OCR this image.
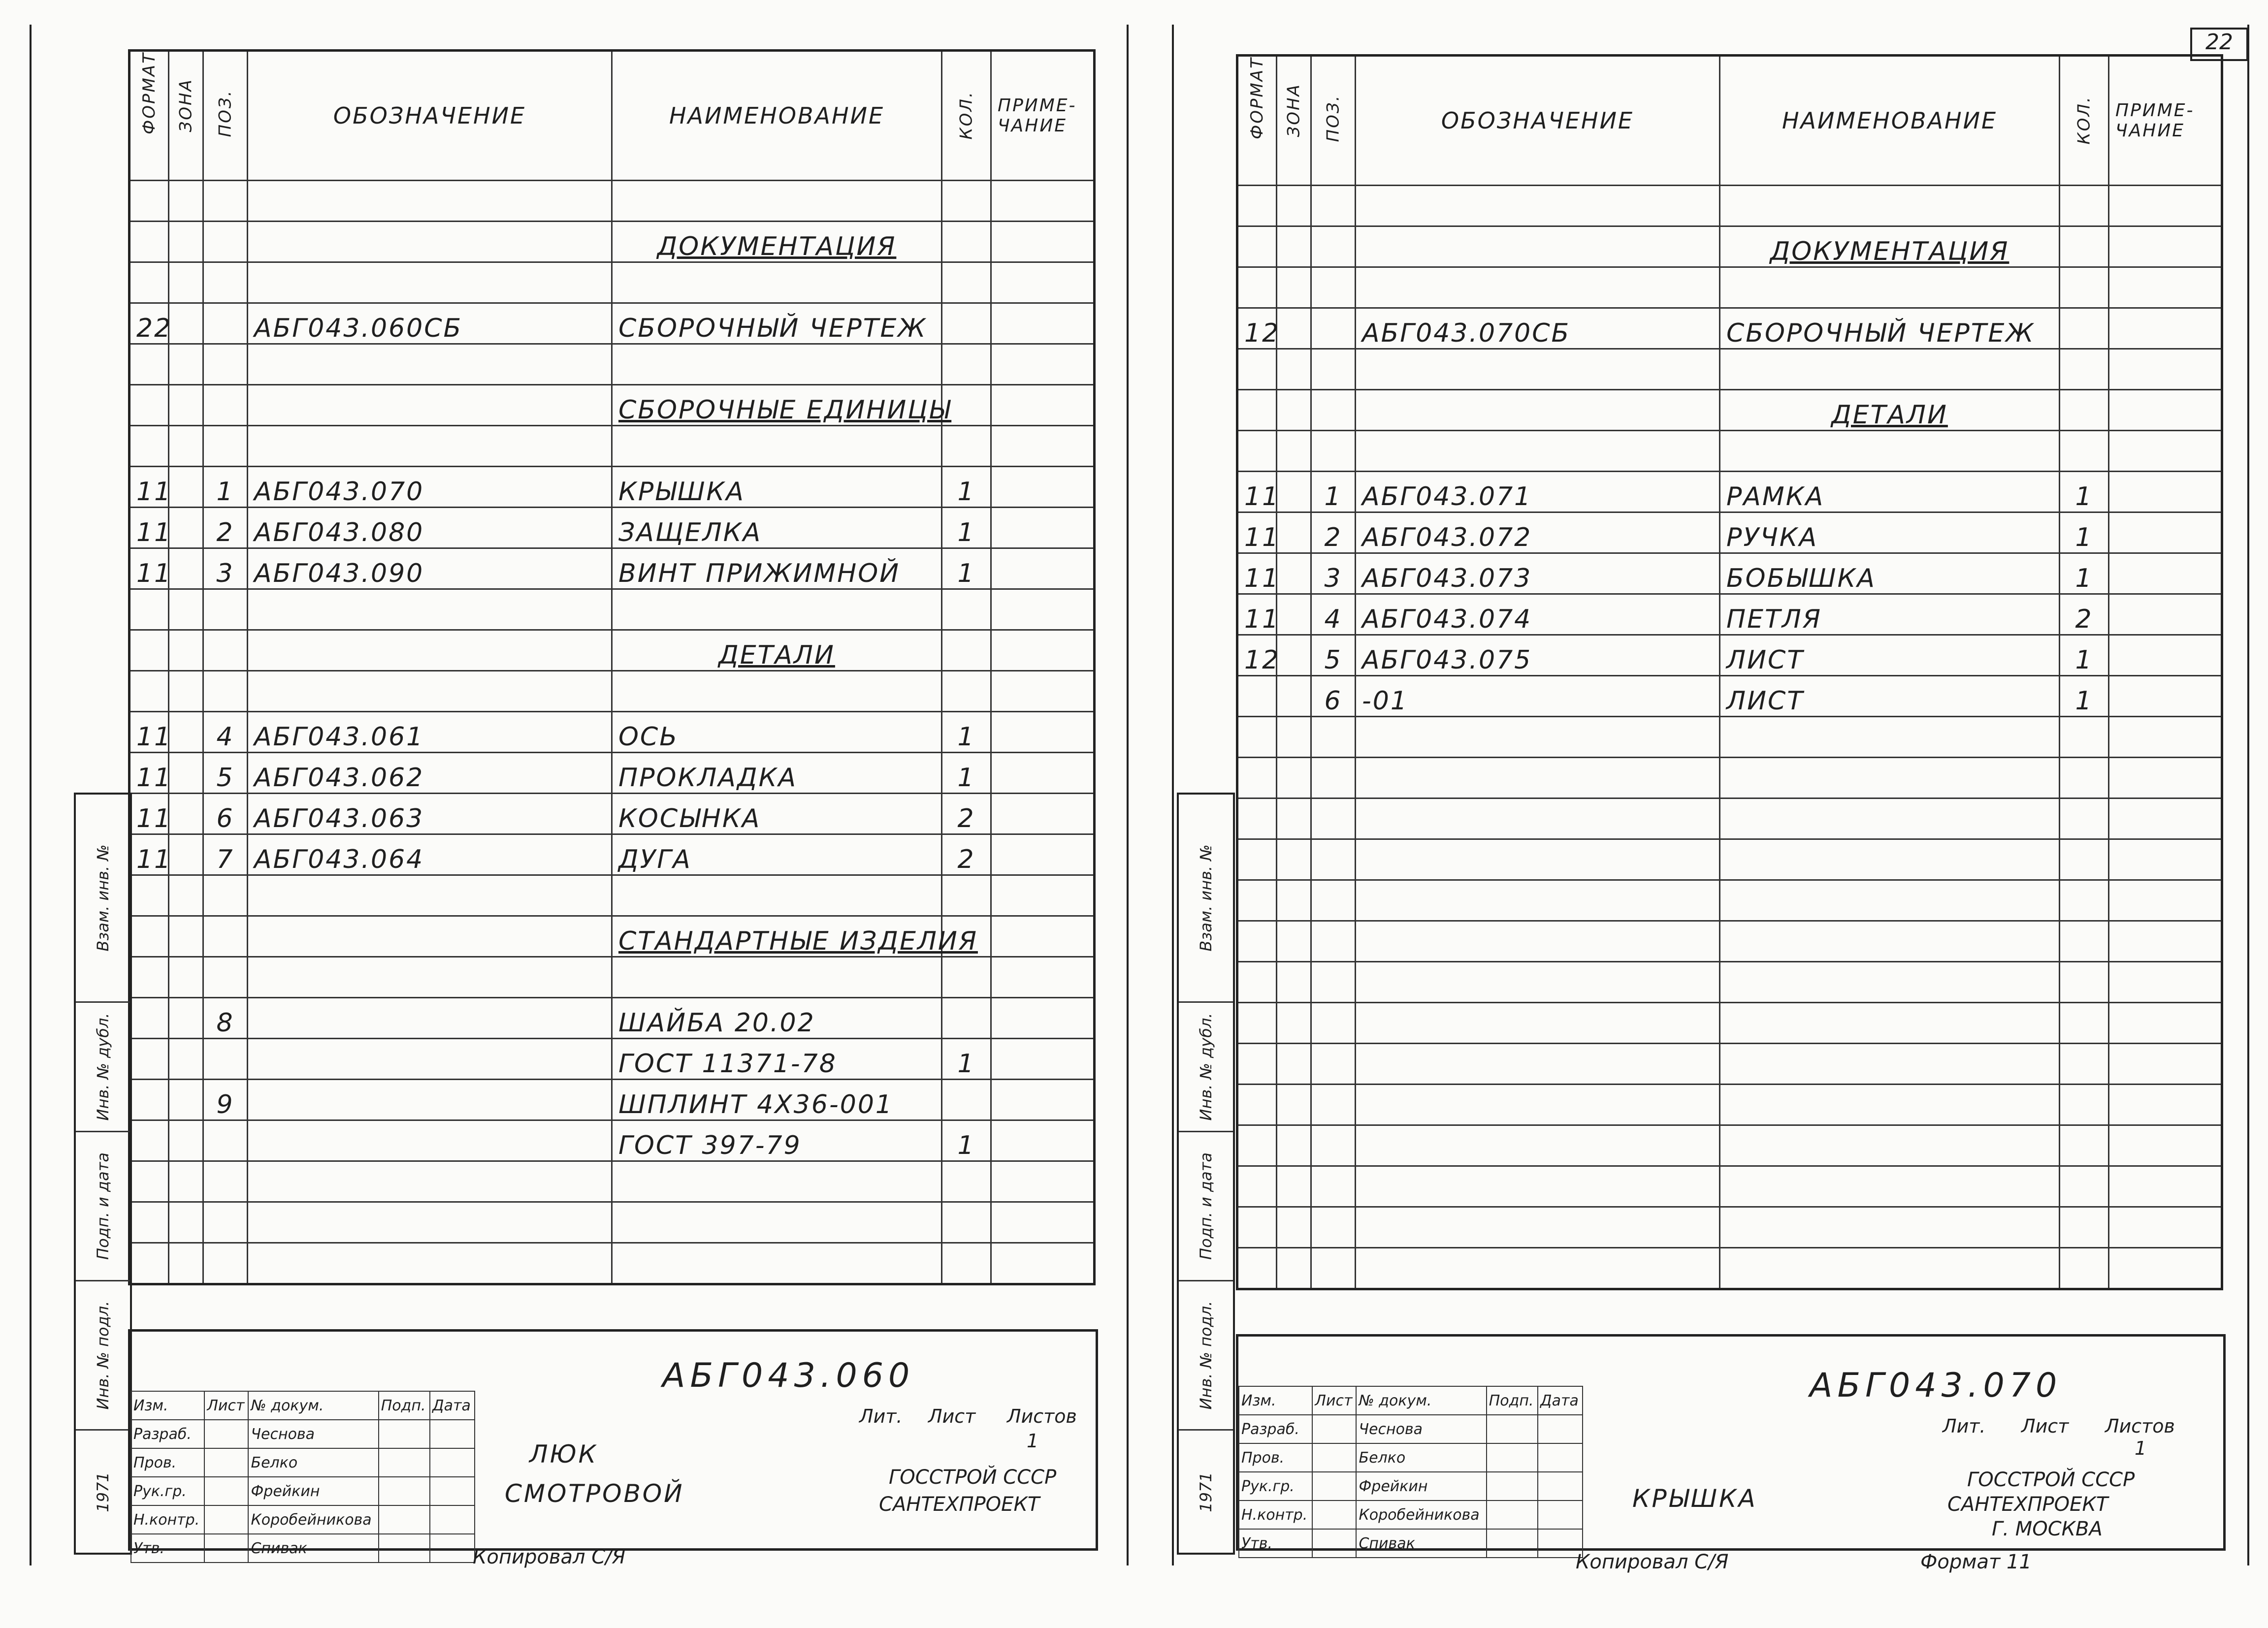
22
ФОРМАТ	ЗОНА	ПОЗ.	ОБОЗНАЧЕНИЕ	НАИМЕНОВАНИЕ	КОЛ.	ПРИМЕ-ЧАНИЕ

				ДОКУМЕНТАЦИЯ		

22			АБГ043.060СБ	СБОРОЧНЫЙ ЧЕРТЕЖ		

				СБОРОЧНЫЕ ЕДИНИЦЫ		

11		1	АБГ043.070	КРЫШКА	1	
11		2	АБГ043.080	ЗАЩЕЛКА	1	
11		3	АБГ043.090	ВИНТ ПРИЖИМНОЙ	1	

				ДЕТАЛИ		

11		4	АБГ043.061	ОСЬ	1	
11		5	АБГ043.062	ПРОКЛАДКА	1	
11		6	АБГ043.063	КОСЫНКА	2	
11		7	АБГ043.064	ДУГА	2	

				СТАНДАРТНЫЕ ИЗДЕЛИЯ		

		8		ШАЙБА 20.02		
				ГОСТ 11371-78	1	
		9		ШПЛИНТ 4Х36-001		
				ГОСТ 397-79	1	

ФОРМАТ	ЗОНА	ПОЗ.	ОБОЗНАЧЕНИЕ	НАИМЕНОВАНИЕ	КОЛ.	ПРИМЕ-ЧАНИЕ

				ДОКУМЕНТАЦИЯ		

12			АБГ043.070СБ	СБОРОЧНЫЙ ЧЕРТЕЖ		

				ДЕТАЛИ		

11		1	АБГ043.071	РАМКА	1	
11		2	АБГ043.072	РУЧКА	1	
11		3	АБГ043.073	БОБЫШКА	1	
11		4	АБГ043.074	ПЕТЛЯ	2	
12		5	АБГ043.075	ЛИСТ	1	
		6	-01	ЛИСТ	1	

Взам. инв. №
Инв. № дубл.
Подп. и дата
Инв. № подл.
1971
Взам. инв. №
Инв. № дубл.
Подп. и дата
Инв. № подл.
1971
Изм.	Лист	№ докум.	Подп.	Дата
Разраб.		Чеснова		
Пров.		Белко		
Рук.гр.		Фрейкин		
Н.контр.		Коробейникова		
Утв.		Спивак		
АБГ043.060
ЛЮК
СМОТРОВОЙ
Лит. Лист Листов
1
ГОССТРОЙ СССР
САНТЕХПРОЕКТ
Копировал С/Я
Изм.	Лист	№ докум.	Подп.	Дата
Разраб.		Чеснова		
Пров.		Белко		
Рук.гр.		Фрейкин		
Н.контр.		Коробейникова		
Утв.		Спивак		
АБГ043.070
КРЫШКА
Лит. Лист Листов
1
ГОССТРОЙ СССР
САНТЕХПРОЕКТ
Г. МОСКВА
Копировал С/Я	Формат 11
